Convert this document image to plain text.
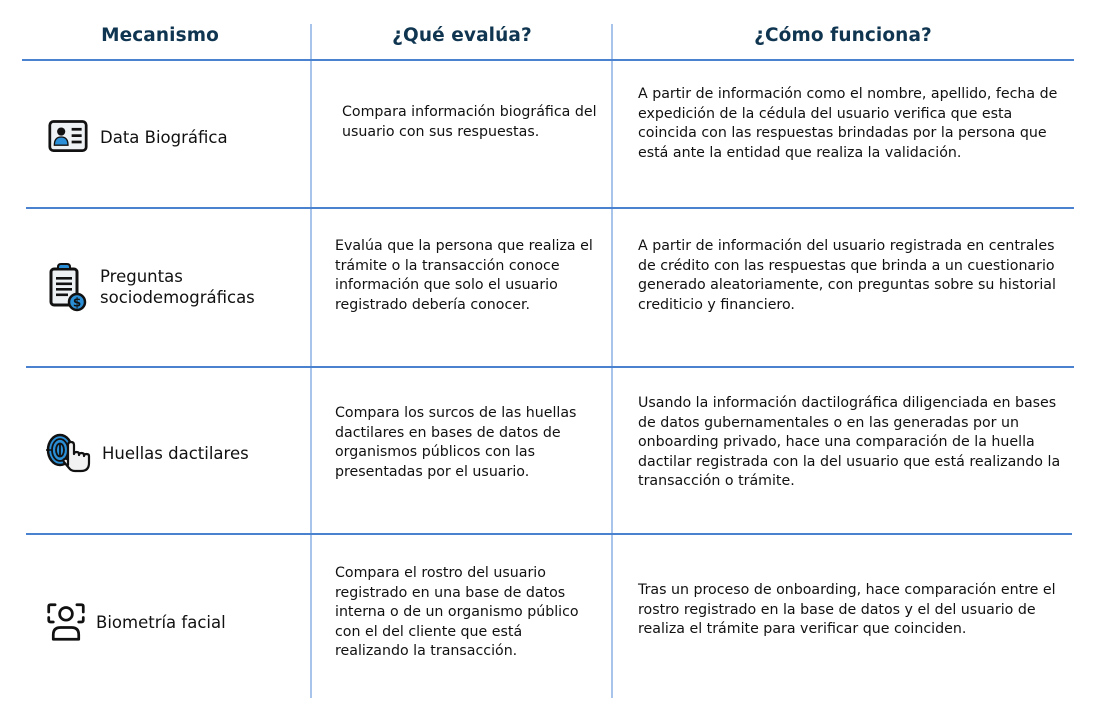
Mecanismo	¿Qué evalúa?	¿Cómo funciona?
Data Biográfica
Compara información biográfica del usuario con sus respuestas.
A partir de información como el nombre, apellido, fecha de expedición de la cédula del usuario verifica que esta coincida con las respuestas brindadas por la persona que está ante la entidad que realiza la validación.
$
Preguntas
sociodemográficas
Evalúa que la persona que realiza el trámite o la transacción conoce información que solo el usuario registrado debería conocer.
A partir de información del usuario registrada en centrales de crédito con las respuestas que brinda a un cuestionario generado aleatoriamente, con preguntas sobre su historial crediticio y financiero.
Huellas dactilares
Compara los surcos de las huellas dactilares en bases de datos de organismos públicos con las presentadas por el usuario.
Usando la información dactilográfica diligenciada en bases de datos gubernamentales o en las generadas por un onboarding privado, hace una comparación de la huella dactilar registrada con la del usuario que está realizando la transacción o trámite.
Biometría facial
Compara el rostro del usuario registrado en una base de datos interna o de un organismo público con el del cliente que está realizando la transacción.
Tras un proceso de onboarding, hace comparación entre el rostro registrado en la base de datos y el del usuario de realiza el trámite para verificar que coinciden.
